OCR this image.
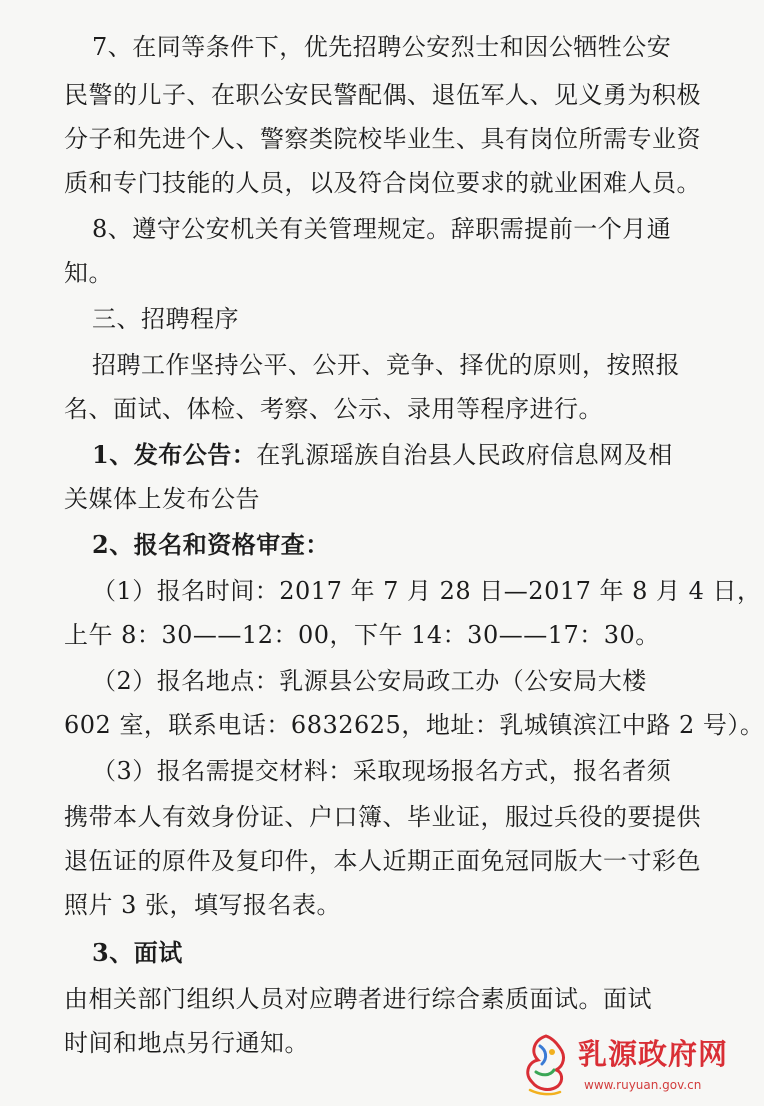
7、在同等条件下，优先招聘公安烈士和因公牺牲公安
民警的儿子、在职公安民警配偶、退伍军人、见义勇为积极
分子和先进个人、警察类院校毕业生、具有岗位所需专业资
质和专门技能的人员，以及符合岗位要求的就业困难人员。
8、遵守公安机关有关管理规定。辞职需提前一个月通
知。
三、招聘程序
招聘工作坚持公平、公开、竞争、择优的原则，按照报
名、面试、体检、考察、公示、录用等程序进行。
1、发布公告：在乳源瑶族自治县人民政府信息网及相
关媒体上发布公告
2、报名和资格审查：
（1）报名时间：2017 年 7 月 28 日—2017 年 8 月 4 日，
上午 8：30——12：00，下午 14：30——17：30。
（2）报名地点：乳源县公安局政工办（公安局大楼
602 室，联系电话：6832625，地址：乳城镇滨江中路 2 号）。
（3）报名需提交材料：采取现场报名方式，报名者须
携带本人有效身份证、户口簿、毕业证，服过兵役的要提供
退伍证的原件及复印件，本人近期正面免冠同版大一寸彩色
照片 3 张，填写报名表。
3、面试
由相关部门组织人员对应聘者进行综合素质面试。面试
时间和地点另行通知。	乳源政府网
www.ruyuan.gov.cn
